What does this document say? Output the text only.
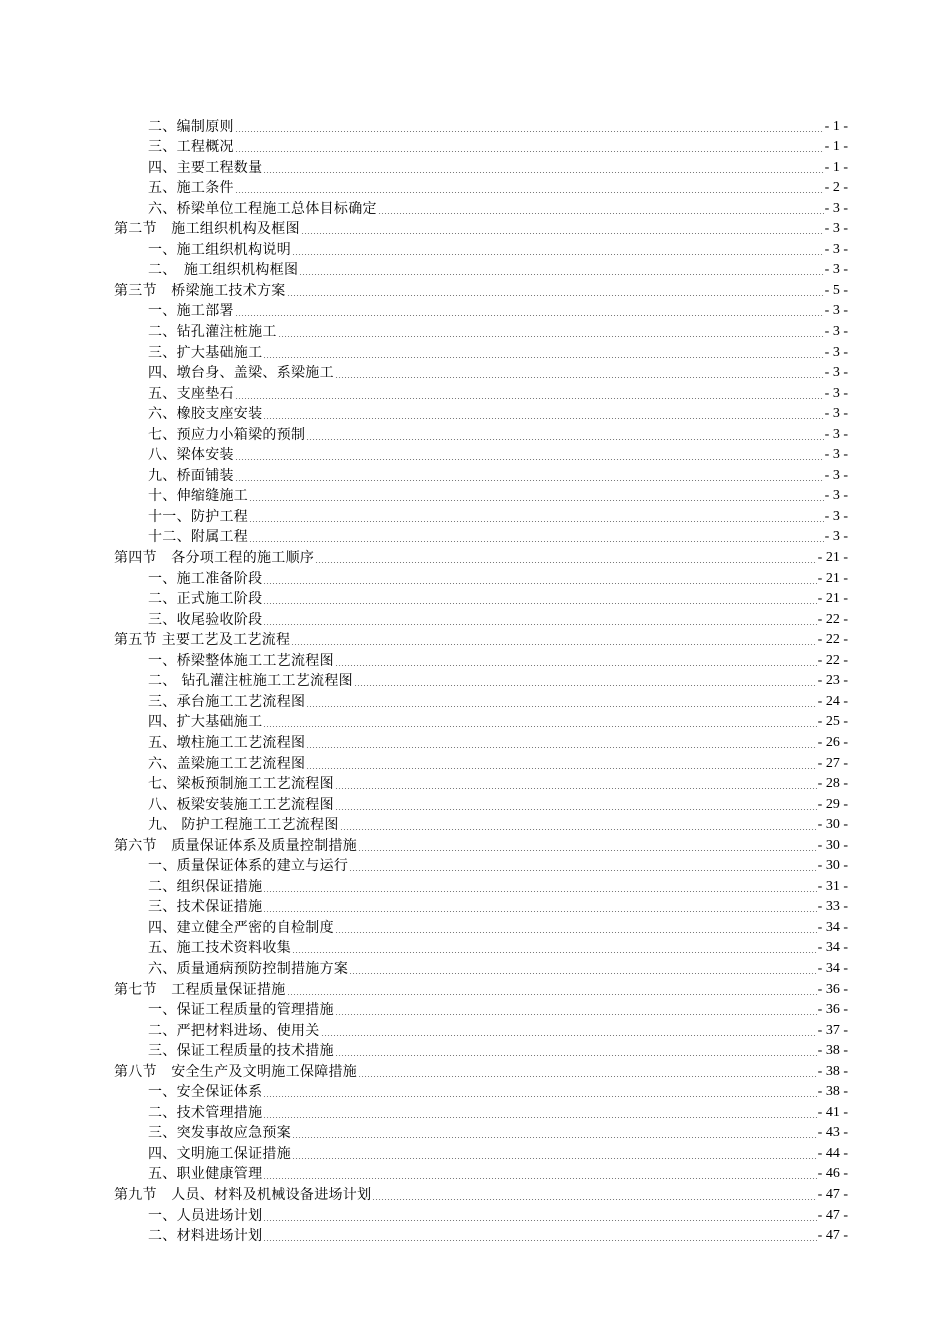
二、编制原则	- 1 -
三、工程概况	- 1 -
四、主要工程数量	- 1 -
五、施工条件	- 2 -
六、桥梁单位工程施工总体目标确定	- 3 -
第二节　施工组织机构及框图	- 3 -
一、施工组织机构说明	- 3 -
二、　施工组织机构框图	- 3 -
第三节　桥梁施工技术方案	- 5 -
一、施工部署	- 3 -
二、钻孔灌注桩施工	- 3 -
三、扩大基础施工	- 3 -
四、墩台身、盖梁、系梁施工	- 3 -
五、支座垫石	- 3 -
六、橡胶支座安装	- 3 -
七、预应力小箱梁的预制	- 3 -
八、梁体安装	- 3 -
九、桥面铺装	- 3 -
十、伸缩缝施工	- 3 -
十一、防护工程	- 3 -
十二、附属工程	- 3 -
第四节　各分项工程的施工顺序	- 21 -
一、施工准备阶段	- 21 -
二、正式施工阶段	- 21 -
三、收尾验收阶段	- 22 -
第五节 主要工艺及工艺流程	- 22 -
一、桥梁整体施工工艺流程图	- 22 -
二、 钻孔灌注桩施工工艺流程图	- 23 -
三、承台施工工艺流程图	- 24 -
四、扩大基础施工	- 25 -
五、墩柱施工工艺流程图	- 26 -
六、盖梁施工工艺流程图	- 27 -
七、梁板预制施工工艺流程图	- 28 -
八、板梁安装施工工艺流程图	- 29 -
九、 防护工程施工工艺流程图	- 30 -
第六节　质量保证体系及质量控制措施	- 30 -
一、质量保证体系的建立与运行	- 30 -
二、组织保证措施	- 31 -
三、技术保证措施	- 33 -
四、建立健全严密的自检制度	- 34 -
五、施工技术资料收集	- 34 -
六、质量通病预防控制措施方案	- 34 -
第七节　工程质量保证措施	- 36 -
一、保证工程质量的管理措施	- 36 -
二、严把材料进场、使用关	- 37 -
三、保证工程质量的技术措施	- 38 -
第八节　安全生产及文明施工保障措施	- 38 -
一、安全保证体系	- 38 -
二、技术管理措施	- 41 -
三、突发事故应急预案	- 43 -
四、文明施工保证措施	- 44 -
五、职业健康管理	- 46 -
第九节　人员、材料及机械设备进场计划	- 47 -
一、人员进场计划	- 47 -
二、材料进场计划	- 47 -
